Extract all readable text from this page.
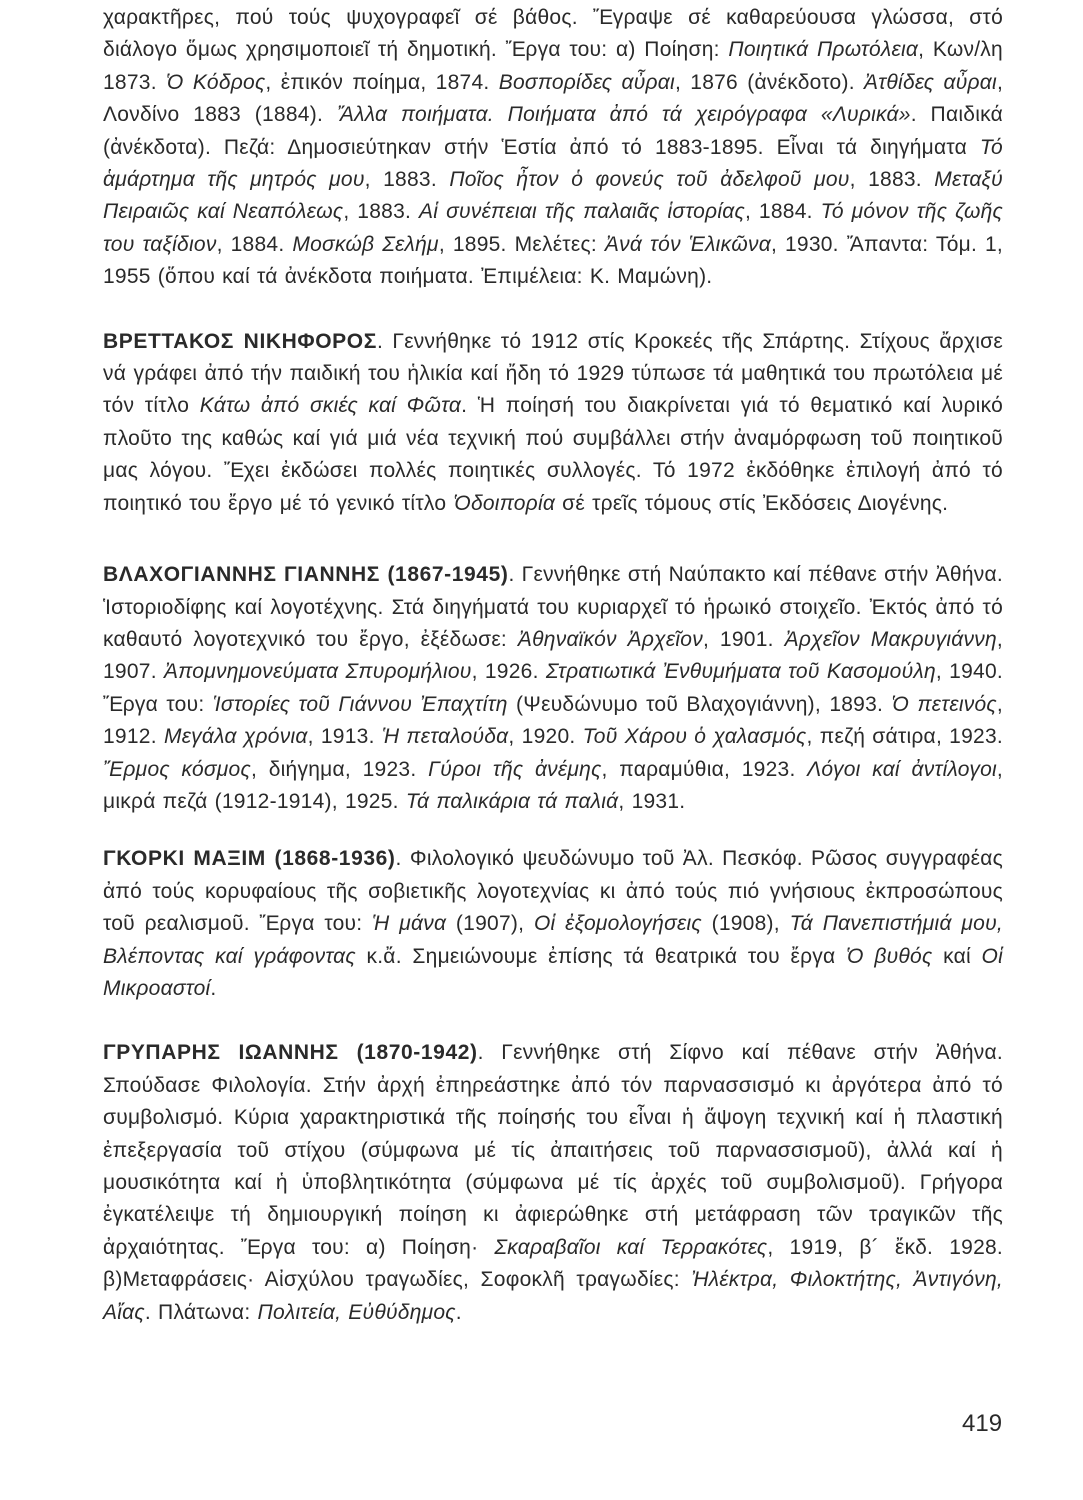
χαρακτῆρες, πού τούς ψυχογραφεῖ σέ βάθος. Ἔγραψε σέ καθαρεύουσα γλώσσα, στό διάλογο ὅμως χρησιμοποιεῖ τή δημοτική. Ἔργα του: α) Ποίηση: Ποιητικά Πρωτόλεια, Κων/λη 1873. Ὁ Κόδρος, ἐπικόν ποίημα, 1874. Βοσπορίδες αὖραι, 1876 (ἀνέκδοτο). Ἀτθίδες αὖραι, Λονδίνο 1883 (1884). Ἄλλα ποιήματα. Ποιήματα ἀπό τά χειρόγραφα «Λυρικά». Παιδικά (ἀνέκδοτα). Πεζά: Δημοσιεύτηκαν στήν Ἑστία ἀπό τό 1883-1895. Εἶναι τά διηγήματα Τό ἁμάρτημα τῆς μητρός μου, 1883. Ποῖος ἦτον ὁ φονεύς τοῦ ἀδελφοῦ μου, 1883. Μεταξύ Πειραιῶς καί Νεαπόλεως, 1883. Αἱ συνέπειαι τῆς παλαιᾶς ἱστορίας, 1884. Τό μόνον τῆς ζωῆς του ταξίδιον, 1884. Μοσκώβ Σελήμ, 1895. Μελέτες: Ἀνά τόν Ἑλικῶνα, 1930. Ἄπαντα: Τόμ. 1, 1955 (ὅπου καί τά ἀνέκδοτα ποιήματα. Ἐπιμέλεια: Κ. Μαμώνη).

ΒΡΕΤΤΑΚΟΣ ΝΙΚΗΦΟΡΟΣ. Γεννήθηκε τό 1912 στίς Κροκεές τῆς Σπάρτης. Στίχους ἄρχισε νά γράφει ἀπό τήν παιδική του ἡλικία καί ἤδη τό 1929 τύπωσε τά μαθητικά του πρωτόλεια μέ τόν τίτλο Κάτω ἀπό σκιές καί Φῶτα. Ἡ ποίησή του διακρίνεται γιά τό θεματικό καί λυρικό πλοῦτο της καθώς καί γιά μιά νέα τεχνική πού συμβάλλει στήν ἀναμόρφωση τοῦ ποιητικοῦ μας λόγου. Ἔχει ἐκδώσει πολλές ποιητικές συλλογές. Τό 1972 ἐκδόθηκε ἐπιλογή ἀπό τό ποιητικό του ἔργο μέ τό γενικό τίτλο Ὁδοιπορία σέ τρεῖς τόμους στίς Ἐκδόσεις Διογένης.

ΒΛΑΧΟΓΙΑΝΝΗΣ ΓΙΑΝΝΗΣ (1867-1945). Γεννήθηκε στή Ναύπακτο καί πέθανε στήν Ἀθήνα. Ἱστοριοδίφης καί λογοτέχνης. Στά διηγήματά του κυριαρχεῖ τό ἡρωικό στοιχεῖο. Ἐκτός ἀπό τό καθαυτό λογοτεχνικό του ἔργο, ἐξέδωσε: Ἀθηναϊκόν Ἀρχεῖον, 1901. Ἀρχεῖον Μακρυγιάννη, 1907. Ἀπομνημονεύματα Σπυρομήλιου, 1926. Στρατιωτικά Ἐνθυμήματα τοῦ Κασομούλη, 1940. Ἔργα του: Ἱστορίες τοῦ Γιάννου Ἐπαχτίτη (Ψευδώνυμο τοῦ Βλαχογιάννη), 1893. Ὁ πετεινός, 1912. Μεγάλα χρόνια, 1913. Ἡ πεταλούδα, 1920. Τοῦ Χάρου ὁ χαλασμός, πεζή σάτιρα, 1923. Ἔρμος κόσμος, διήγημα, 1923. Γύροι τῆς ἀνέμης, παραμύθια, 1923. Λόγοι καί ἀντίλογοι, μικρά πεζά (1912-1914), 1925. Τά παλικάρια τά παλιά, 1931.

ΓΚΟΡΚΙ ΜΑΞΙΜ (1868-1936). Φιλολογικό ψευδώνυμο τοῦ Ἀλ. Πεσκόφ. Ρῶσος συγγραφέας ἀπό τούς κορυφαίους τῆς σοβιετικῆς λογοτεχνίας κι ἀπό τούς πιό γνήσιους ἐκπροσώπους τοῦ ρεαλισμοῦ. Ἔργα του: Ἡ μάνα (1907), Οἱ ἐξομολογήσεις (1908), Τά Πανεπιστήμιά μου, Βλέποντας καί γράφοντας κ.ἄ. Σημειώνουμε ἐπίσης τά θεατρικά του ἔργα Ὁ βυθός καί Οἱ Μικροαστοί.

ΓΡΥΠΑΡΗΣ ΙΩΑΝΝΗΣ (1870-1942). Γεννήθηκε στή Σίφνο καί πέθανε στήν Ἀθήνα. Σπούδασε Φιλολογία. Στήν ἀρχή ἐπηρεάστηκε ἀπό τόν παρνασσισμό κι ἀργότερα ἀπό τό συμβολισμό. Κύρια χαρακτηριστικά τῆς ποίησής του εἶναι ἡ ἄψογη τεχνική καί ἡ πλαστική ἐπεξεργασία τοῦ στίχου (σύμφωνα μέ τίς ἀπαιτήσεις τοῦ παρνασσισμοῦ), ἀλλά καί ἡ μουσικότητα καί ἡ ὑποβλητικότητα (σύμφωνα μέ τίς ἀρχές τοῦ συμβολισμοῦ). Γρήγορα ἐγκατέλειψε τή δημιουργική ποίηση κι ἀφιερώθηκε στή μετάφραση τῶν τραγικῶν τῆς ἀρχαιότητας. Ἔργα του: α) Ποίηση· Σκαραβαῖοι καί Τερρακότες, 1919, β´ ἔκδ. 1928. β)Μεταφράσεις· Αἰσχύλου τραγωδίες, Σοφοκλῆ τραγωδίες: Ἠλέκτρα, Φιλοκτήτης, Ἀντιγόνη, Αἴας. Πλάτωνα: Πολιτεία, Εὐθύδημος.

419
